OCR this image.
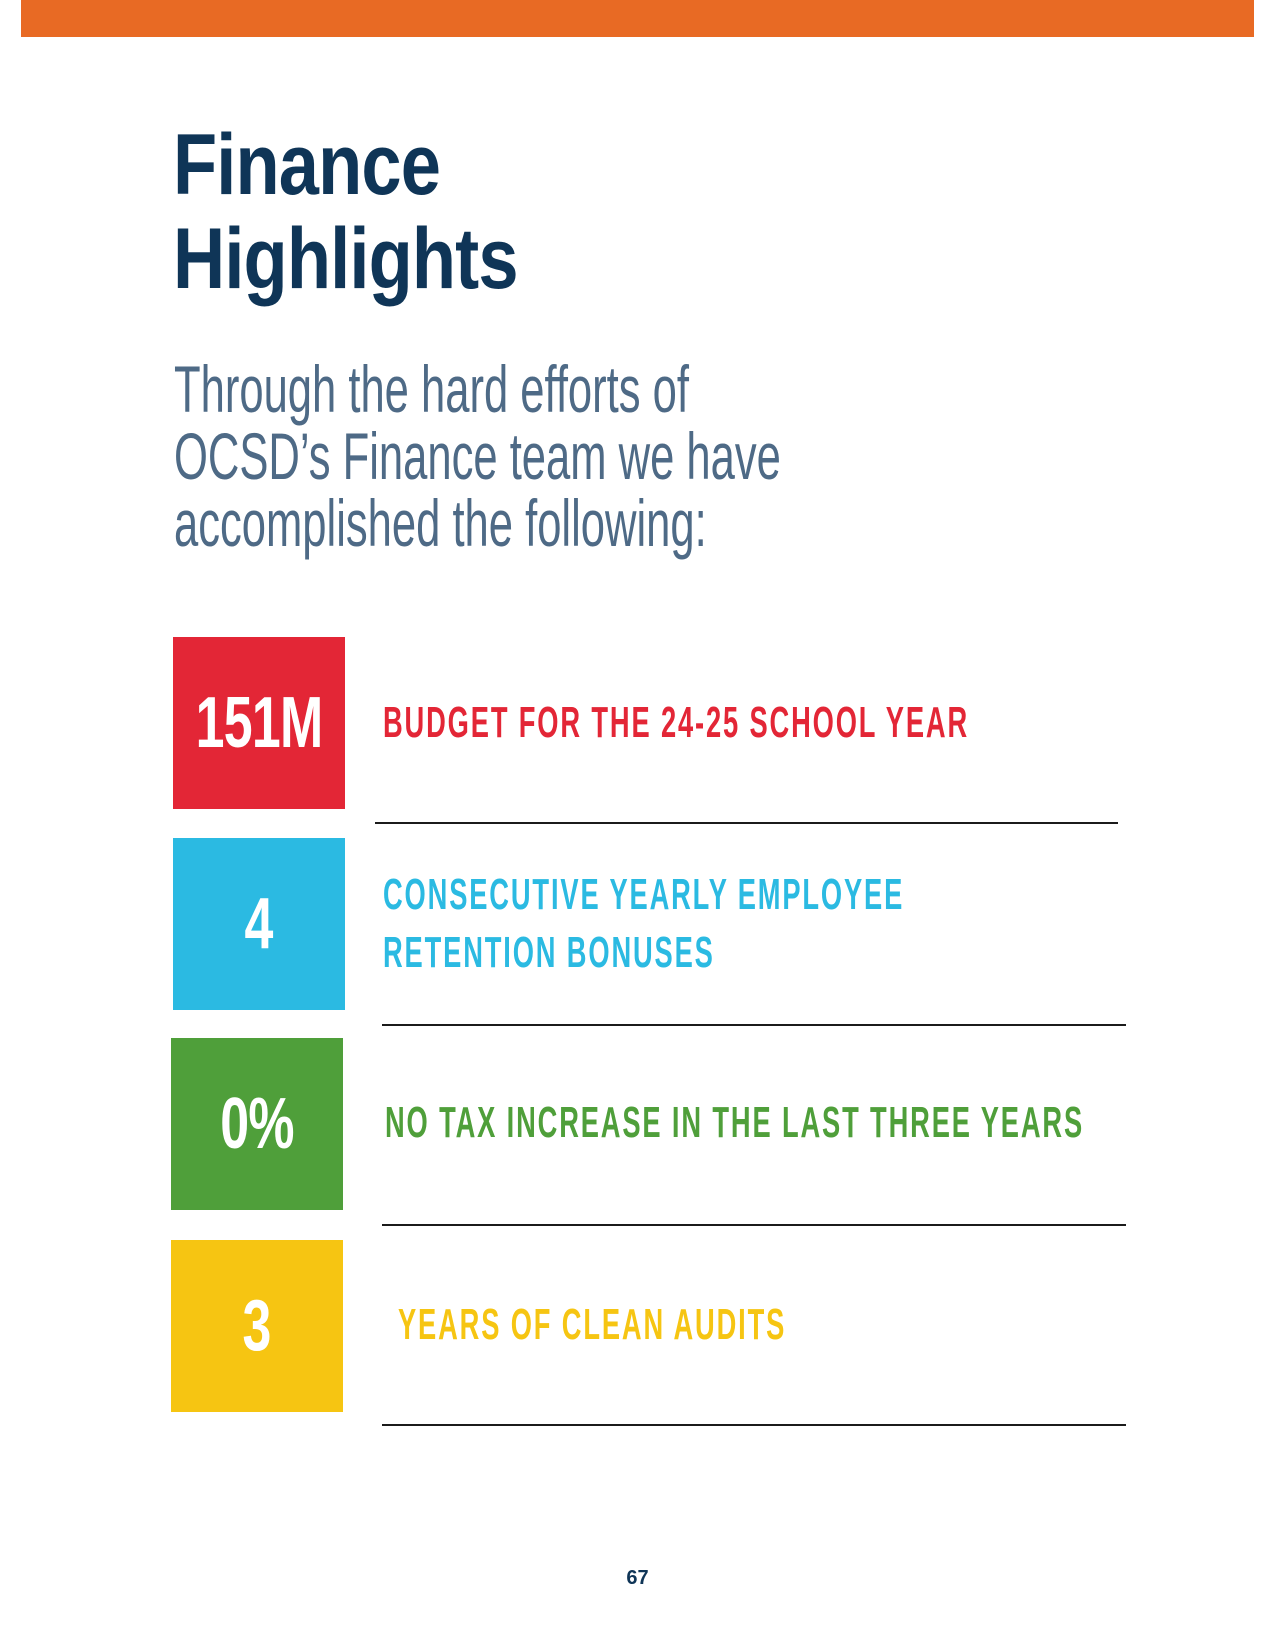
Finance
Highlights

Through the hard efforts of
OCSD’s Finance team we have
accomplished the following:

151M BUDGET FOR THE 24-25 SCHOOL YEAR

4 CONSECUTIVE YEARLY EMPLOYEE
RETENTION BONUSES

0% NO TAX INCREASE IN THE LAST THREE YEARS

3	YEARS OF CLEAN AUDITS

67
